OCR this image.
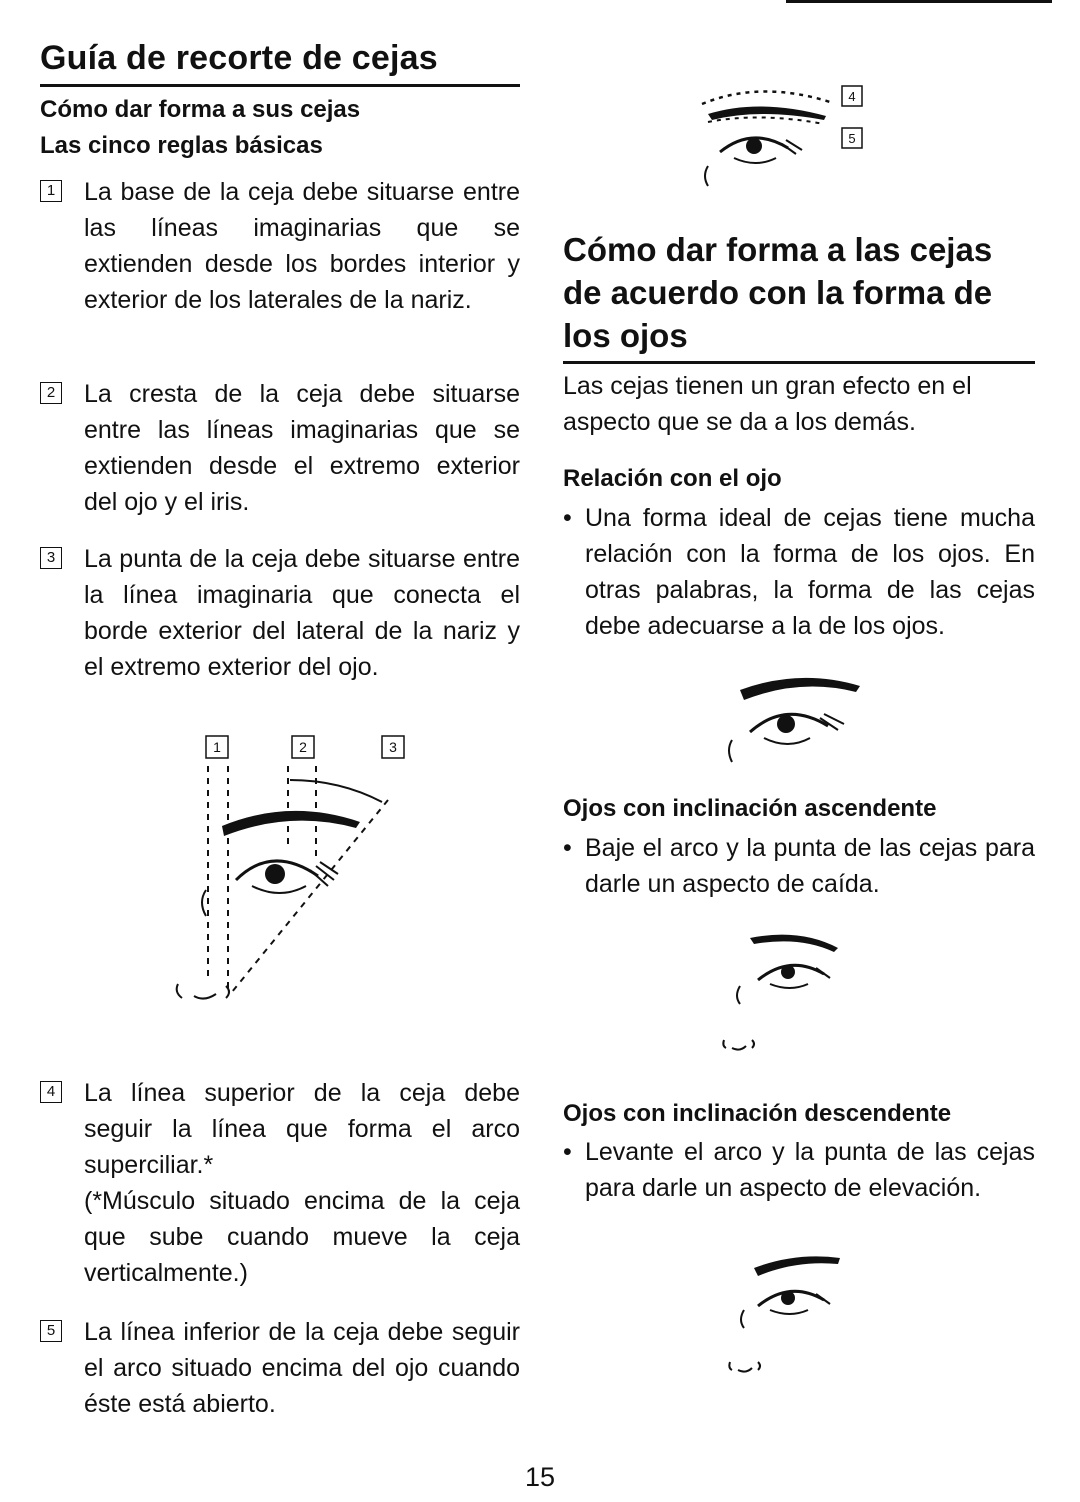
Guía de recorte de cejas
Cómo dar forma a sus cejas
Las cinco reglas básicas
1 La base de la ceja debe situarse entre las líneas imaginarias que se extienden desde los bordes interior y exterior de los laterales de la nariz.
2 La cresta de la ceja debe situarse entre las líneas imaginarias que se extienden desde el extremo exterior del ojo y el iris.
3 La punta de la ceja debe situarse entre la línea imaginaria que conecta el borde exterior del lateral de la nariz y el extremo exterior del ojo.
1	2	3
4 La línea superior de la ceja debe seguir la línea que forma el arco superciliar.*
(*Músculo situado encima de la ceja que sube cuando mueve la ceja verticalmente.)
5 La línea inferior de la ceja debe seguir el arco situado encima del ojo cuando éste está abierto.
4
5
Cómo dar forma a las cejas de acuerdo con la forma de los ojos
Las cejas tienen un gran efecto en el aspecto que se da a los demás.
Relación con el ojo
• Una forma ideal de cejas tiene mucha relación con la forma de los ojos. En otras palabras, la forma de las cejas debe adecuarse a la de los ojos.
Ojos con inclinación ascendente
• Baje el arco y la punta de las cejas para darle un aspecto de caída.
Ojos con inclinación descendente
• Levante el arco y la punta de las cejas para darle un aspecto de elevación.
15
